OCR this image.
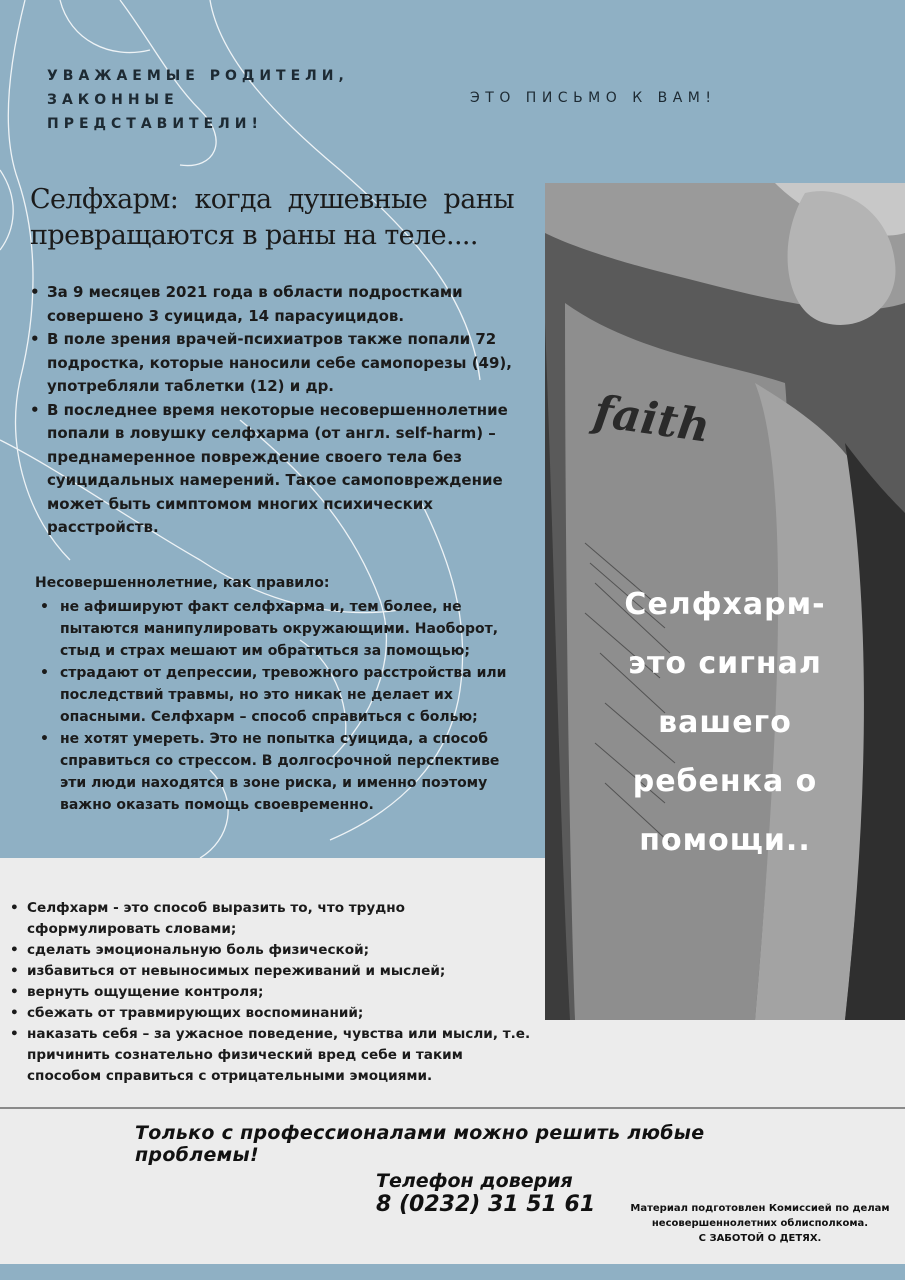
УВАЖАЕМЫЕ РОДИТЕЛИ,
ЗАКОННЫЕ
ПРЕДСТАВИТЕЛИ!
ЭТО ПИСЬМО К ВАМ!
Селфхарм: когда душевные раны превращаются в раны на теле....
• За 9 месяцев 2021 года в области подростками совершено 3 суицида, 14 парасуицидов.
• В поле зрения врачей-психиатров также попали 72 подростка, которые наносили себе самопорезы (49), употребляли таблетки (12) и др.
• В последнее время некоторые несовершеннолетние попали в ловушку селфхарма (от англ. self-harm) – преднамеренное повреждение своего тела без суицидальных намерений. Такое самоповреждение может быть симптомом многих психических расстройств.
Несовершеннолетние, как правило:
• не афишируют факт селфхарма и, тем более, не пытаются манипулировать окружающими. Наоборот, стыд и страх мешают им обратиться за помощью;
• страдают от депрессии, тревожного расстройства или последствий травмы, но это никак не делает их опасными. Селфхарм – способ справиться с болью;
• не хотят умереть. Это не попытка суицида, а способ справиться со стрессом. В долгосрочной перспективе эти люди находятся в зоне риска, и именно поэтому важно оказать помощь своевременно.
faith
Селфхарм-
это сигнал
вашего
ребенка о
помощи..
• Селфхарм - это способ выразить то, что трудно сформулировать словами;
• сделать эмоциональную боль физической;
• избавиться от невыносимых переживаний и мыслей;
• вернуть ощущение контроля;
• сбежать от травмирующих воспоминаний;
• наказать себя – за ужасное поведение, чувства или мысли, т.е. причинить сознательно физический вред себе и таким способом справиться с отрицательными эмоциями.
Только с профессионалами можно решить любые проблемы!
Телефон доверия
8 (0232) 31 51 61	Материал подготовлен Комиссией по делам
несовершеннолетних облисполкома.
С ЗАБОТОЙ О ДЕТЯХ.
